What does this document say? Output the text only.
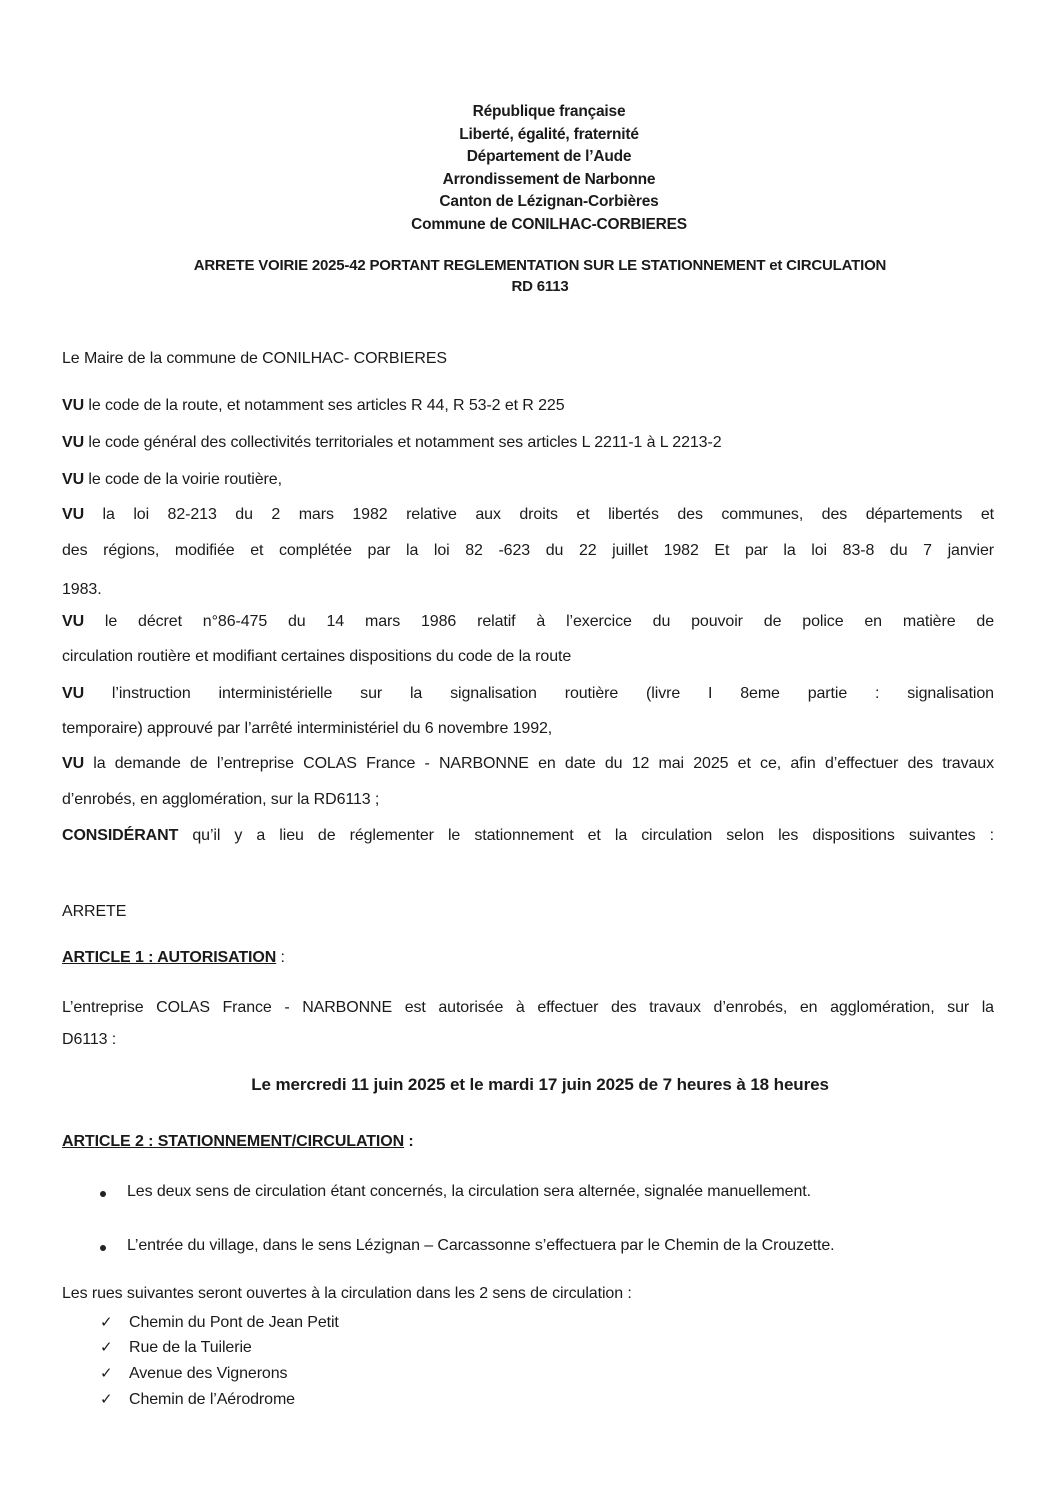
République française
Liberté, égalité, fraternité
Département de l’Aude
Arrondissement de Narbonne
Canton de Lézignan-Corbières
Commune de CONILHAC-CORBIERES
ARRETE VOIRIE 2025-42 PORTANT REGLEMENTATION SUR LE STATIONNEMENT et CIRCULATION
RD 6113
Le Maire de la commune de CONILHAC- CORBIERES
VU le code de la route, et notamment ses articles R 44, R 53-2 et R 225
VU le code général des collectivités territoriales et notamment ses articles L 2211-1 à L 2213-2
VU le code de la voirie routière,
VU la loi 82-213 du 2 mars 1982 relative aux droits et libertés des communes, des départements et
des régions, modifiée et complétée par la loi 82 -623 du 22 juillet 1982 Et par la loi 83-8 du 7 janvier
1983.
VU le décret n°86-475 du 14 mars 1986 relatif à l’exercice du pouvoir de police en matière de
circulation routière et modifiant certaines dispositions du code de la route
VU l’instruction interministérielle sur la signalisation routière (livre I 8eme partie : signalisation
temporaire) approuvé par l’arrêté interministériel du 6 novembre 1992,
VU la demande de l’entreprise COLAS France - NARBONNE en date du 12 mai 2025 et ce, afin d’effectuer des travaux
d’enrobés, en agglomération, sur la RD6113 ;
CONSIDÉRANT qu’il y a lieu de réglementer le stationnement et la circulation selon les dispositions suivantes :
ARRETE
ARTICLE 1 : AUTORISATION :
L’entreprise COLAS France - NARBONNE est autorisée à effectuer des travaux d’enrobés, en agglomération, sur la
D6113 :
Le mercredi 11 juin 2025 et le mardi 17 juin 2025 de 7 heures à 18 heures
ARTICLE 2 : STATIONNEMENT/CIRCULATION :
Les deux sens de circulation étant concernés, la circulation sera alternée, signalée manuellement.
L’entrée du village, dans le sens Lézignan – Carcassonne s’effectuera par le Chemin de la Crouzette.
Les rues suivantes seront ouvertes à la circulation dans les 2 sens de circulation :
✓ Chemin du Pont de Jean Petit
✓ Rue de la Tuilerie
✓ Avenue des Vignerons
✓ Chemin de l’Aérodrome
